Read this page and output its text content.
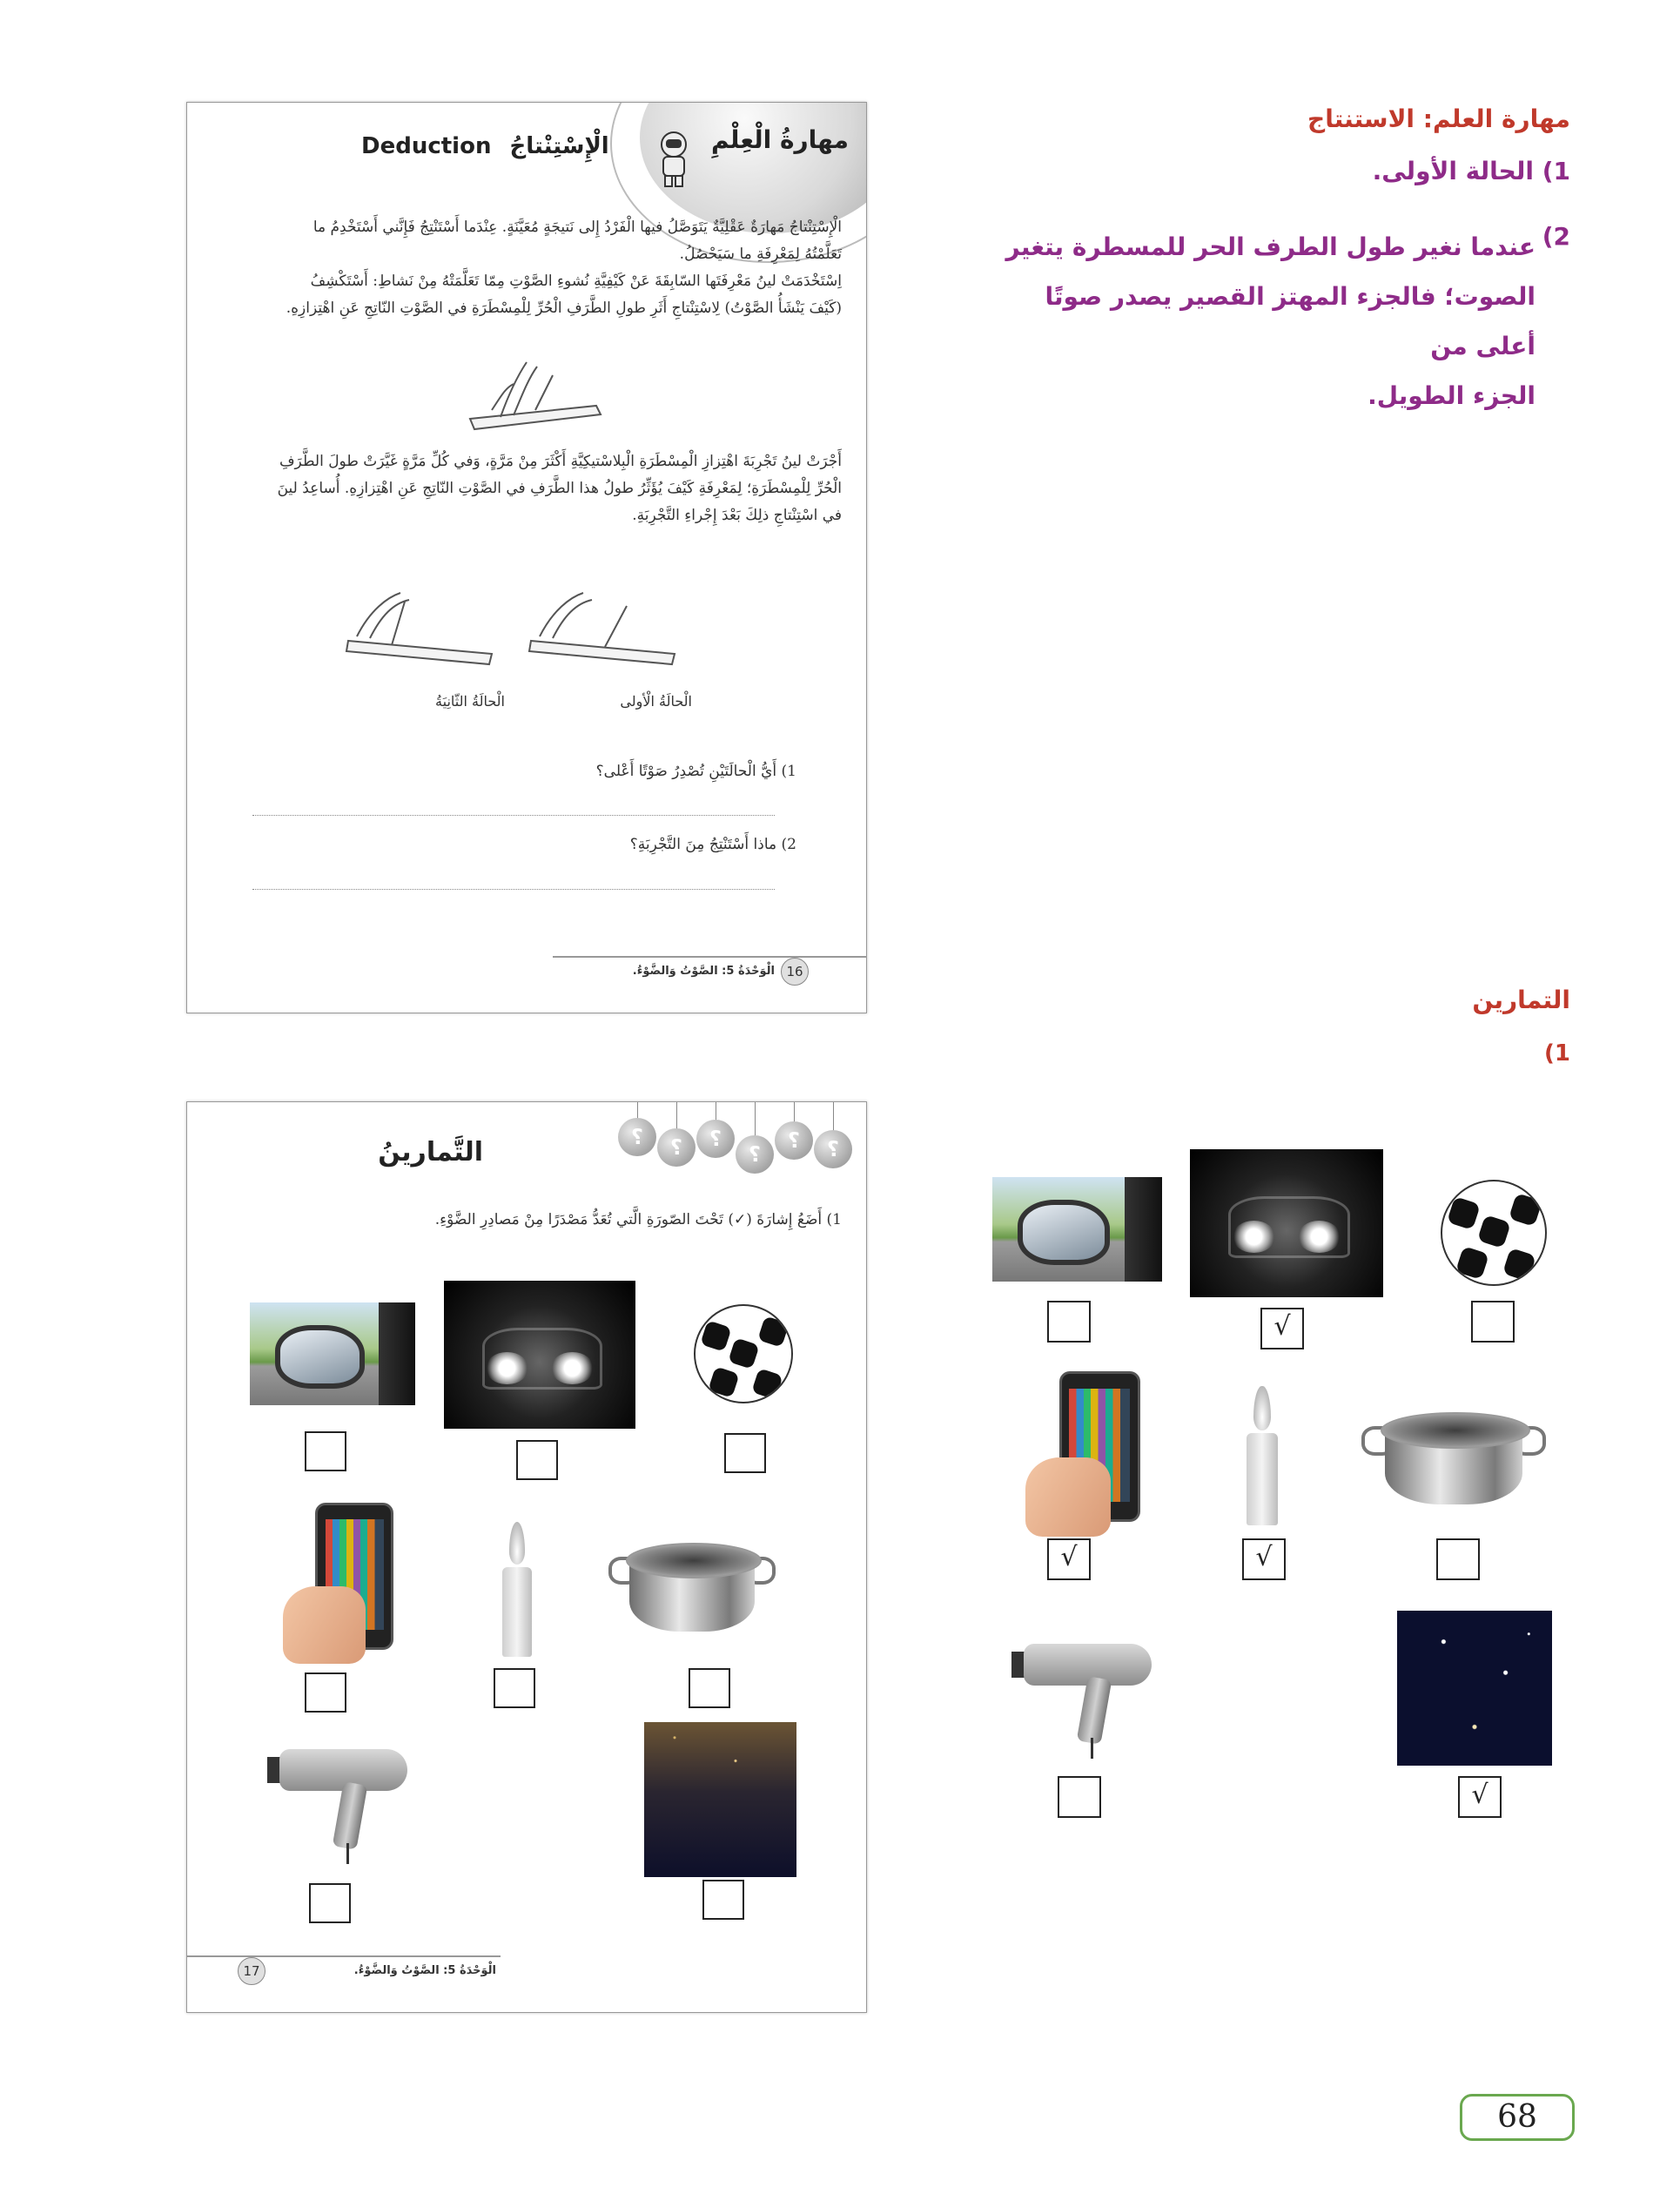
مهارةُ الْعِلْمِ
Deduction الْإِسْتِنْتاجُ
الْإِسْتِنْتاجُ مَهارَةٌ عَقْلِيَّةٌ يَتَوَصَّلُ فيها الْفَرْدُ إِلى نَتيجَةٍ مُعَيَّنَةٍ. عِنْدَما أَسْتَنْتِجُ فَإِنَّني أَسْتَخْدِمُ ما
تَعَلَّمْتُهُ لِمَعْرِفَةِ ما سَيَحْصُلُ.
اِسْتَخْدَمَتْ لينُ مَعْرِفَتَها السّابِقَةَ عَنْ كَيْفِيَّةِ نُشوءِ الصَّوْتِ مِمّا تَعَلَّمَتْهُ مِنْ نَشاطِ: أَسْتَكْشِفُ
(كَيْفَ يَنْشَأُ الصَّوْتُ) لِاسْتِنْتاجِ أَثَرِ طولِ الطَّرَفِ الْحُرِّ لِلْمِسْطَرَةِ في الصَّوْتِ النّاتِجِ عَنِ اهْتِزازِهِ.
أَجْرَتْ لينُ تَجْرِبَةَ اهْتِزازِ الْمِسْطَرَةِ الْبِلاسْتيكِيَّةِ أَكْثَرَ مِنْ مَرَّةٍ، وَفي كُلِّ مَرَّةٍ غَيَّرَتْ طولَ الطَّرَفِ
الْحُرِّ لِلْمِسْطَرَةِ؛ لِمَعْرِفَةِ كَيْفَ يُؤَثِّرُ طولُ هذا الطَّرَفِ في الصَّوْتِ النّاتِجِ عَنِ اهْتِزازِهِ. أُساعِدُ لينَ
في اسْتِنْتاجِ ذلِكَ بَعْدَ إِجْراءِ التَّجْرِبَةِ.
الْحالَةُ الثّانِيَةُ	الْحالَةُ الْأولى
1) أَيُّ الْحالَتَيْنِ تُصْدِرُ صَوْتًا أَعْلى؟
2) ماذا أَسْتَنْتِجُ مِنَ التَّجْرِبَةِ؟
16
الْوَحْدَةُ 5: الصَّوْتُ وَالضَّوْءُ.
؟	؟	؟
؟
؟	؟
التَّمارينُ
1) أَضَعُ إِشارَةَ (✓) تَحْتَ الصّورَةِ الَّتي تُعَدُّ مَصْدَرًا مِنْ مَصادِرِ الضَّوْءِ.
17	الْوَحْدَةُ 5: الصَّوْتُ وَالضَّوْءُ.
مهارة العلم: الاستنتاج
1) الحالة الأولى.
2)
عندما نغير طول الطرف الحر للمسطرة يتغير
الصوت؛ فالجزء المهتز القصير يصدر صوتًا أعلى من
الجزء الطويل.
التمارين
1)
√
√	√
√
68
